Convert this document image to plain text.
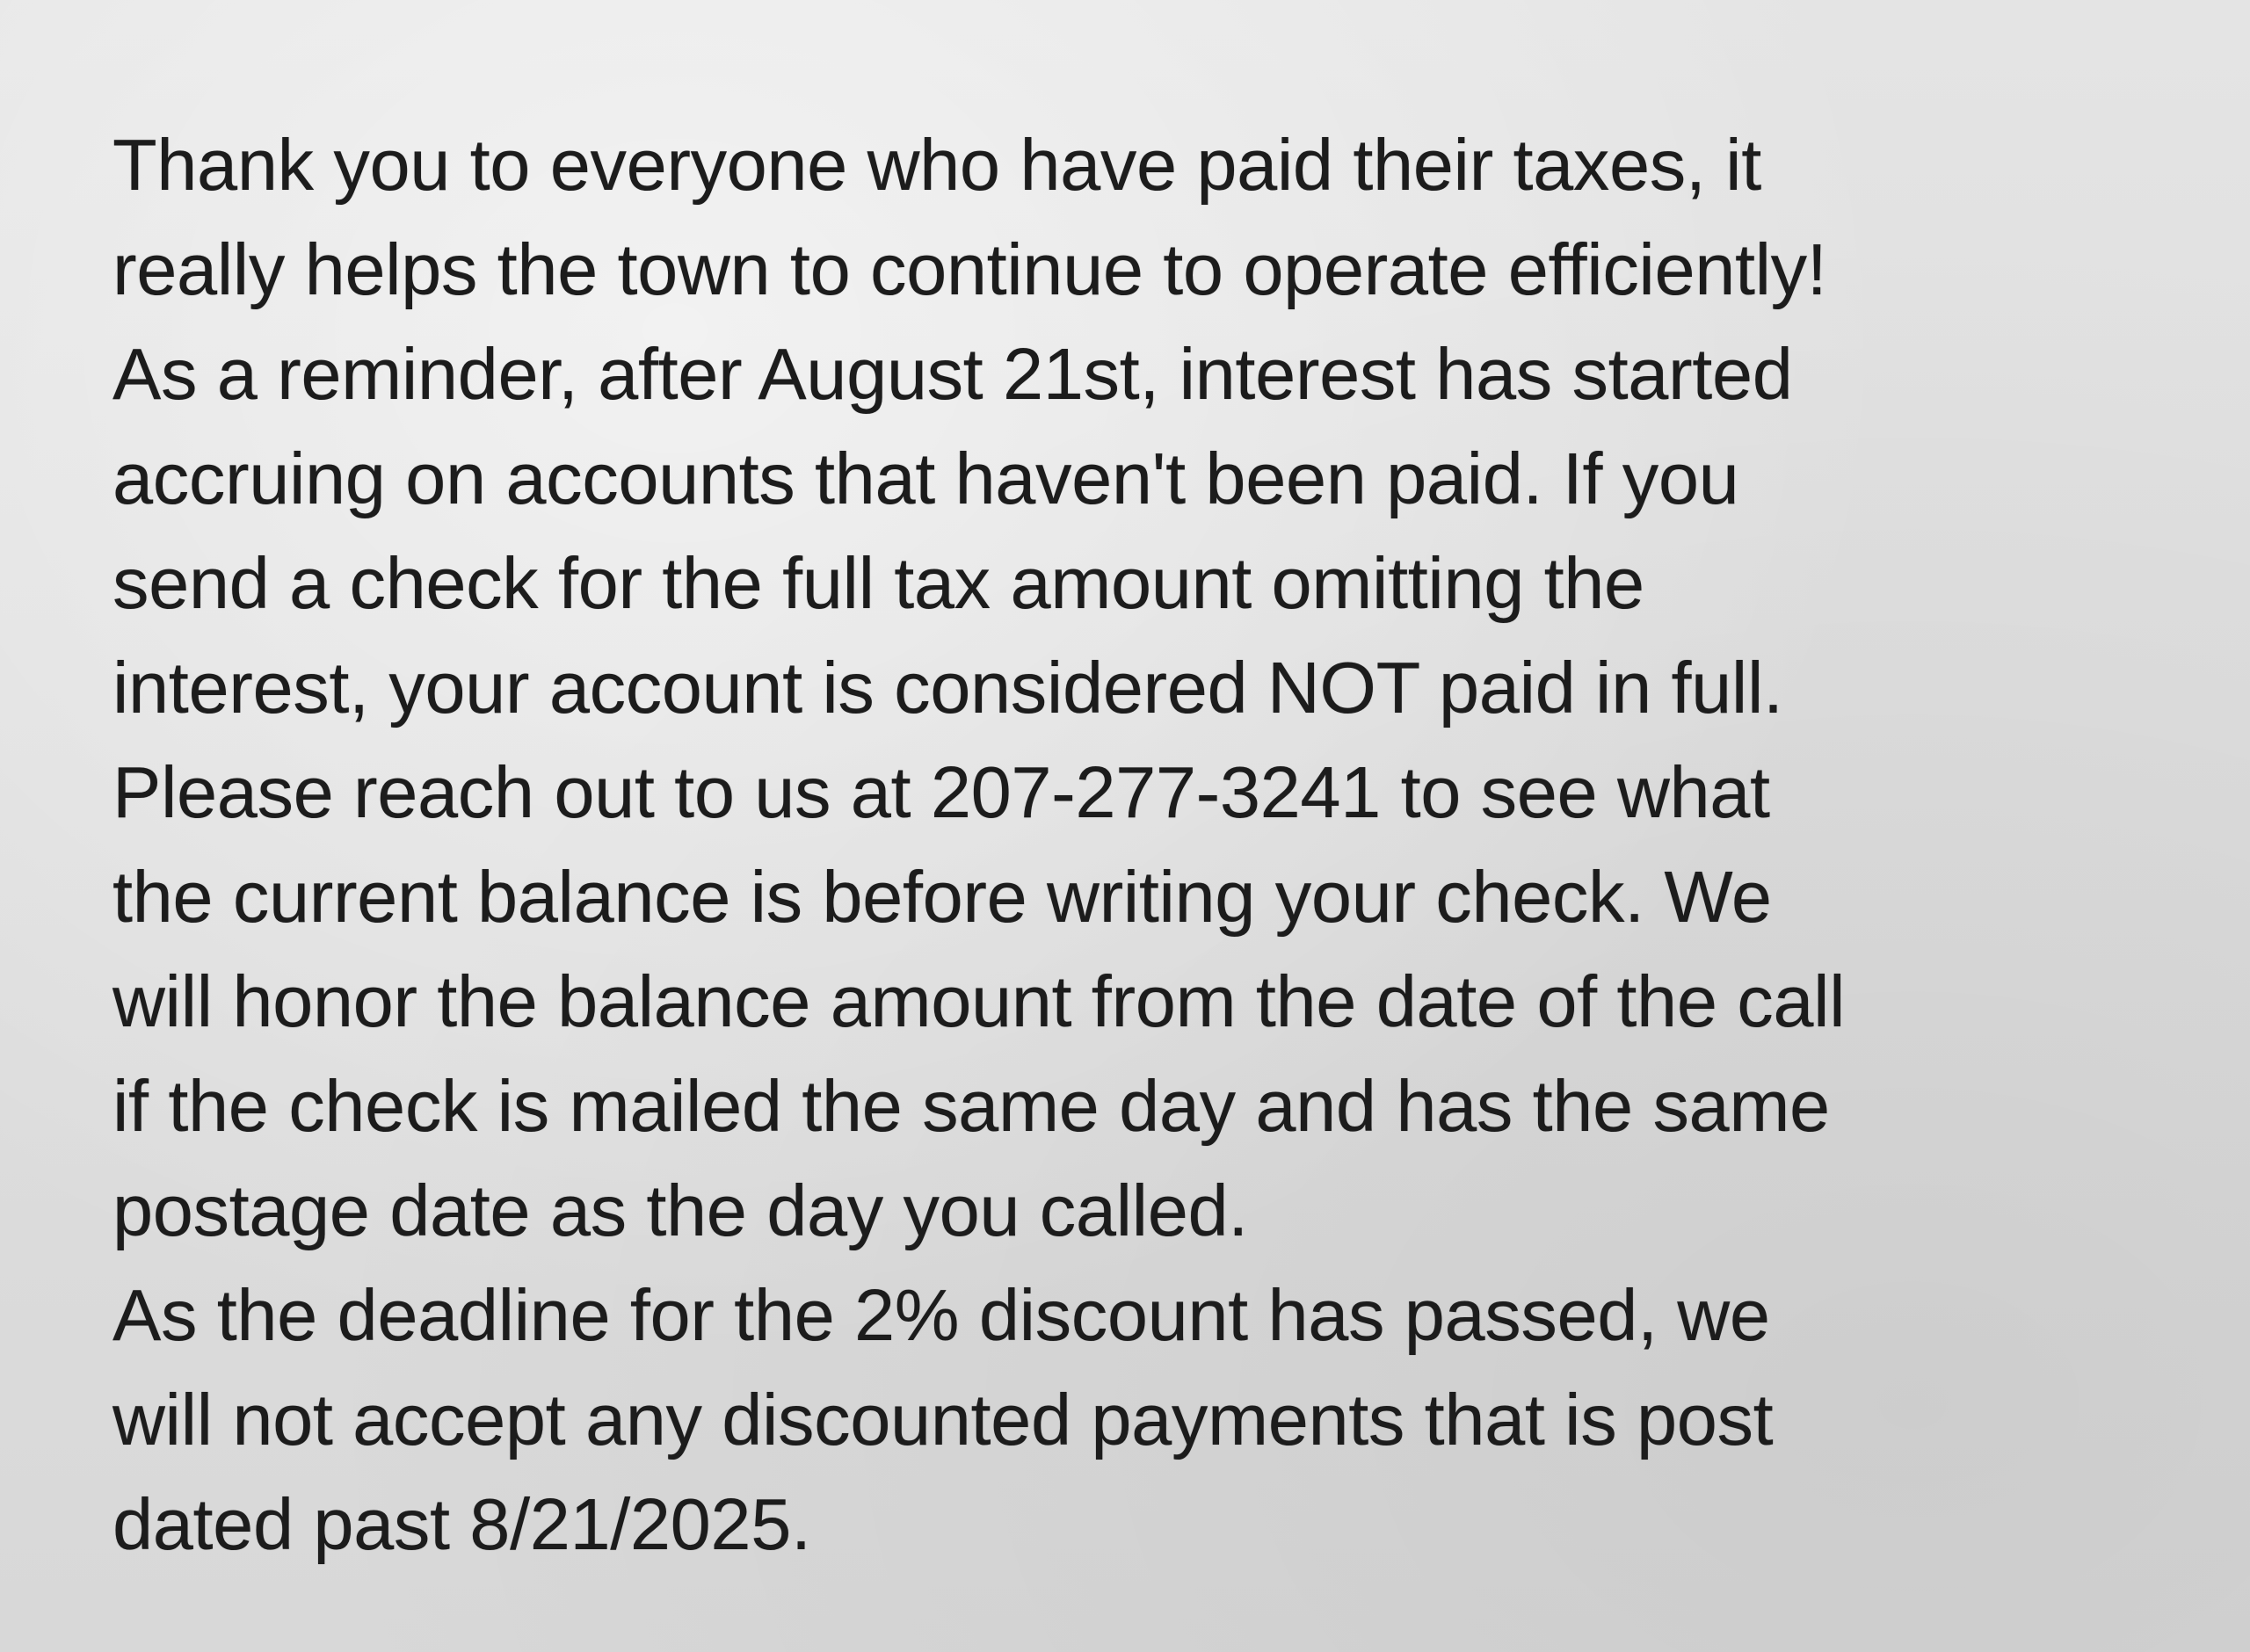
Thank you to everyone who have paid their taxes, it
really helps the town to continue to operate efficiently!
As a reminder, after August 21st, interest has started
accruing on accounts that haven't been paid. If you
send a check for the full tax amount omitting the
interest, your account is considered NOT paid in full.
Please reach out to us at 207-277-3241 to see what
the current balance is before writing your check. We
will honor the balance amount from the date of the call
if the check is mailed the same day and has the same
postage date as the day you called.
As the deadline for the 2% discount has passed, we
will not accept any discounted payments that is post
dated past 8/21/2025.
